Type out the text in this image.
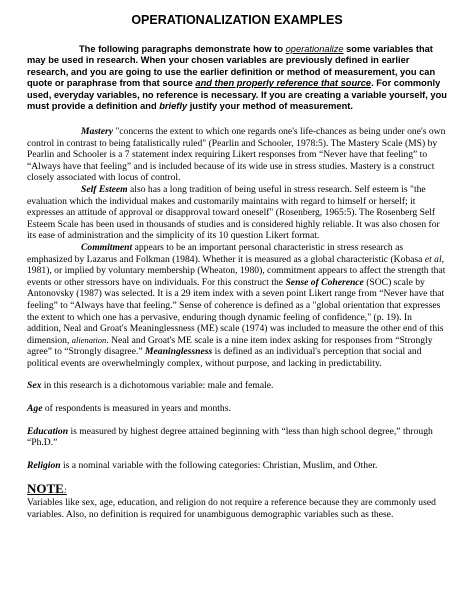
OPERATIONALIZATION EXAMPLES
The following paragraphs demonstrate how to operationalize some variables that may be used in research. When your chosen variables are previously defined in earlier research, and you are going to use the earlier definition or method of measurement, you can quote or paraphrase from that source and then properly reference that source. For commonly used, everyday variables, no reference is necessary. If you are creating a variable yourself, you must provide a definition and briefly justify your method of measurement.

Mastery "concerns the extent to which one regards one's life-chances as being under one's own control in contrast to being fatalistically ruled" (Pearlin and Schooler, 1978:5). The Mastery Scale (MS) by Pearlin and Schooler is a 7 statement index requiring Likert responses from “Never have that feeling” to “Always have that feeling” and is included because of its wide use in stress studies. Mastery is a construct closely associated with locus of control.

Self Esteem also has a long tradition of being useful in stress research. Self esteem is "the evaluation which the individual makes and customarily maintains with regard to himself or herself; it expresses an attitude of approval or disapproval toward oneself" (Rosenberg, 1965:5). The Rosenberg Self Esteem Scale has been used in thousands of studies and is considered highly reliable. It was also chosen for its ease of administration and the simplicity of its 10 question Likert format.

Commitment appears to be an important personal characteristic in stress research as emphasized by Lazarus and Folkman (1984). Whether it is measured as a global characteristic (Kobasa et al, 1981), or implied by voluntary membership (Wheaton, 1980), commitment appears to affect the strength that events or other stressors have on individuals. For this construct the Sense of Coherence (SOC) scale by Antonovsky (1987) was selected. It is a 29 item index with a seven point Likert range from “Never have that feeling” to “Always have that feeling.” Sense of coherence is defined as a "global orientation that expresses the extent to which one has a pervasive, enduring though dynamic feeling of confidence," (p. 19). In addition, Neal and Groat's Meaninglessness (ME) scale (1974) was included to measure the other end of this dimension, alienation. Neal and Groat's ME scale is a nine item index asking for responses from “Strongly agree” to “Strongly disagree.” Meaninglessness is defined as an individual's perception that social and political events are overwhelmingly complex, without purpose, and lacking in predictability.

Sex in this research is a dichotomous variable: male and female.

Age of respondents is measured in years and months.

Education is measured by highest degree attained beginning with “less than high school degree,” through “Ph.D.”

Religion is a nominal variable with the following categories: Christian, Muslim, and Other.

NOTE:

Variables like sex, age, education, and religion do not require a reference because they are commonly used variables. Also, no definition is required for unambiguous demographic variables such as these.
